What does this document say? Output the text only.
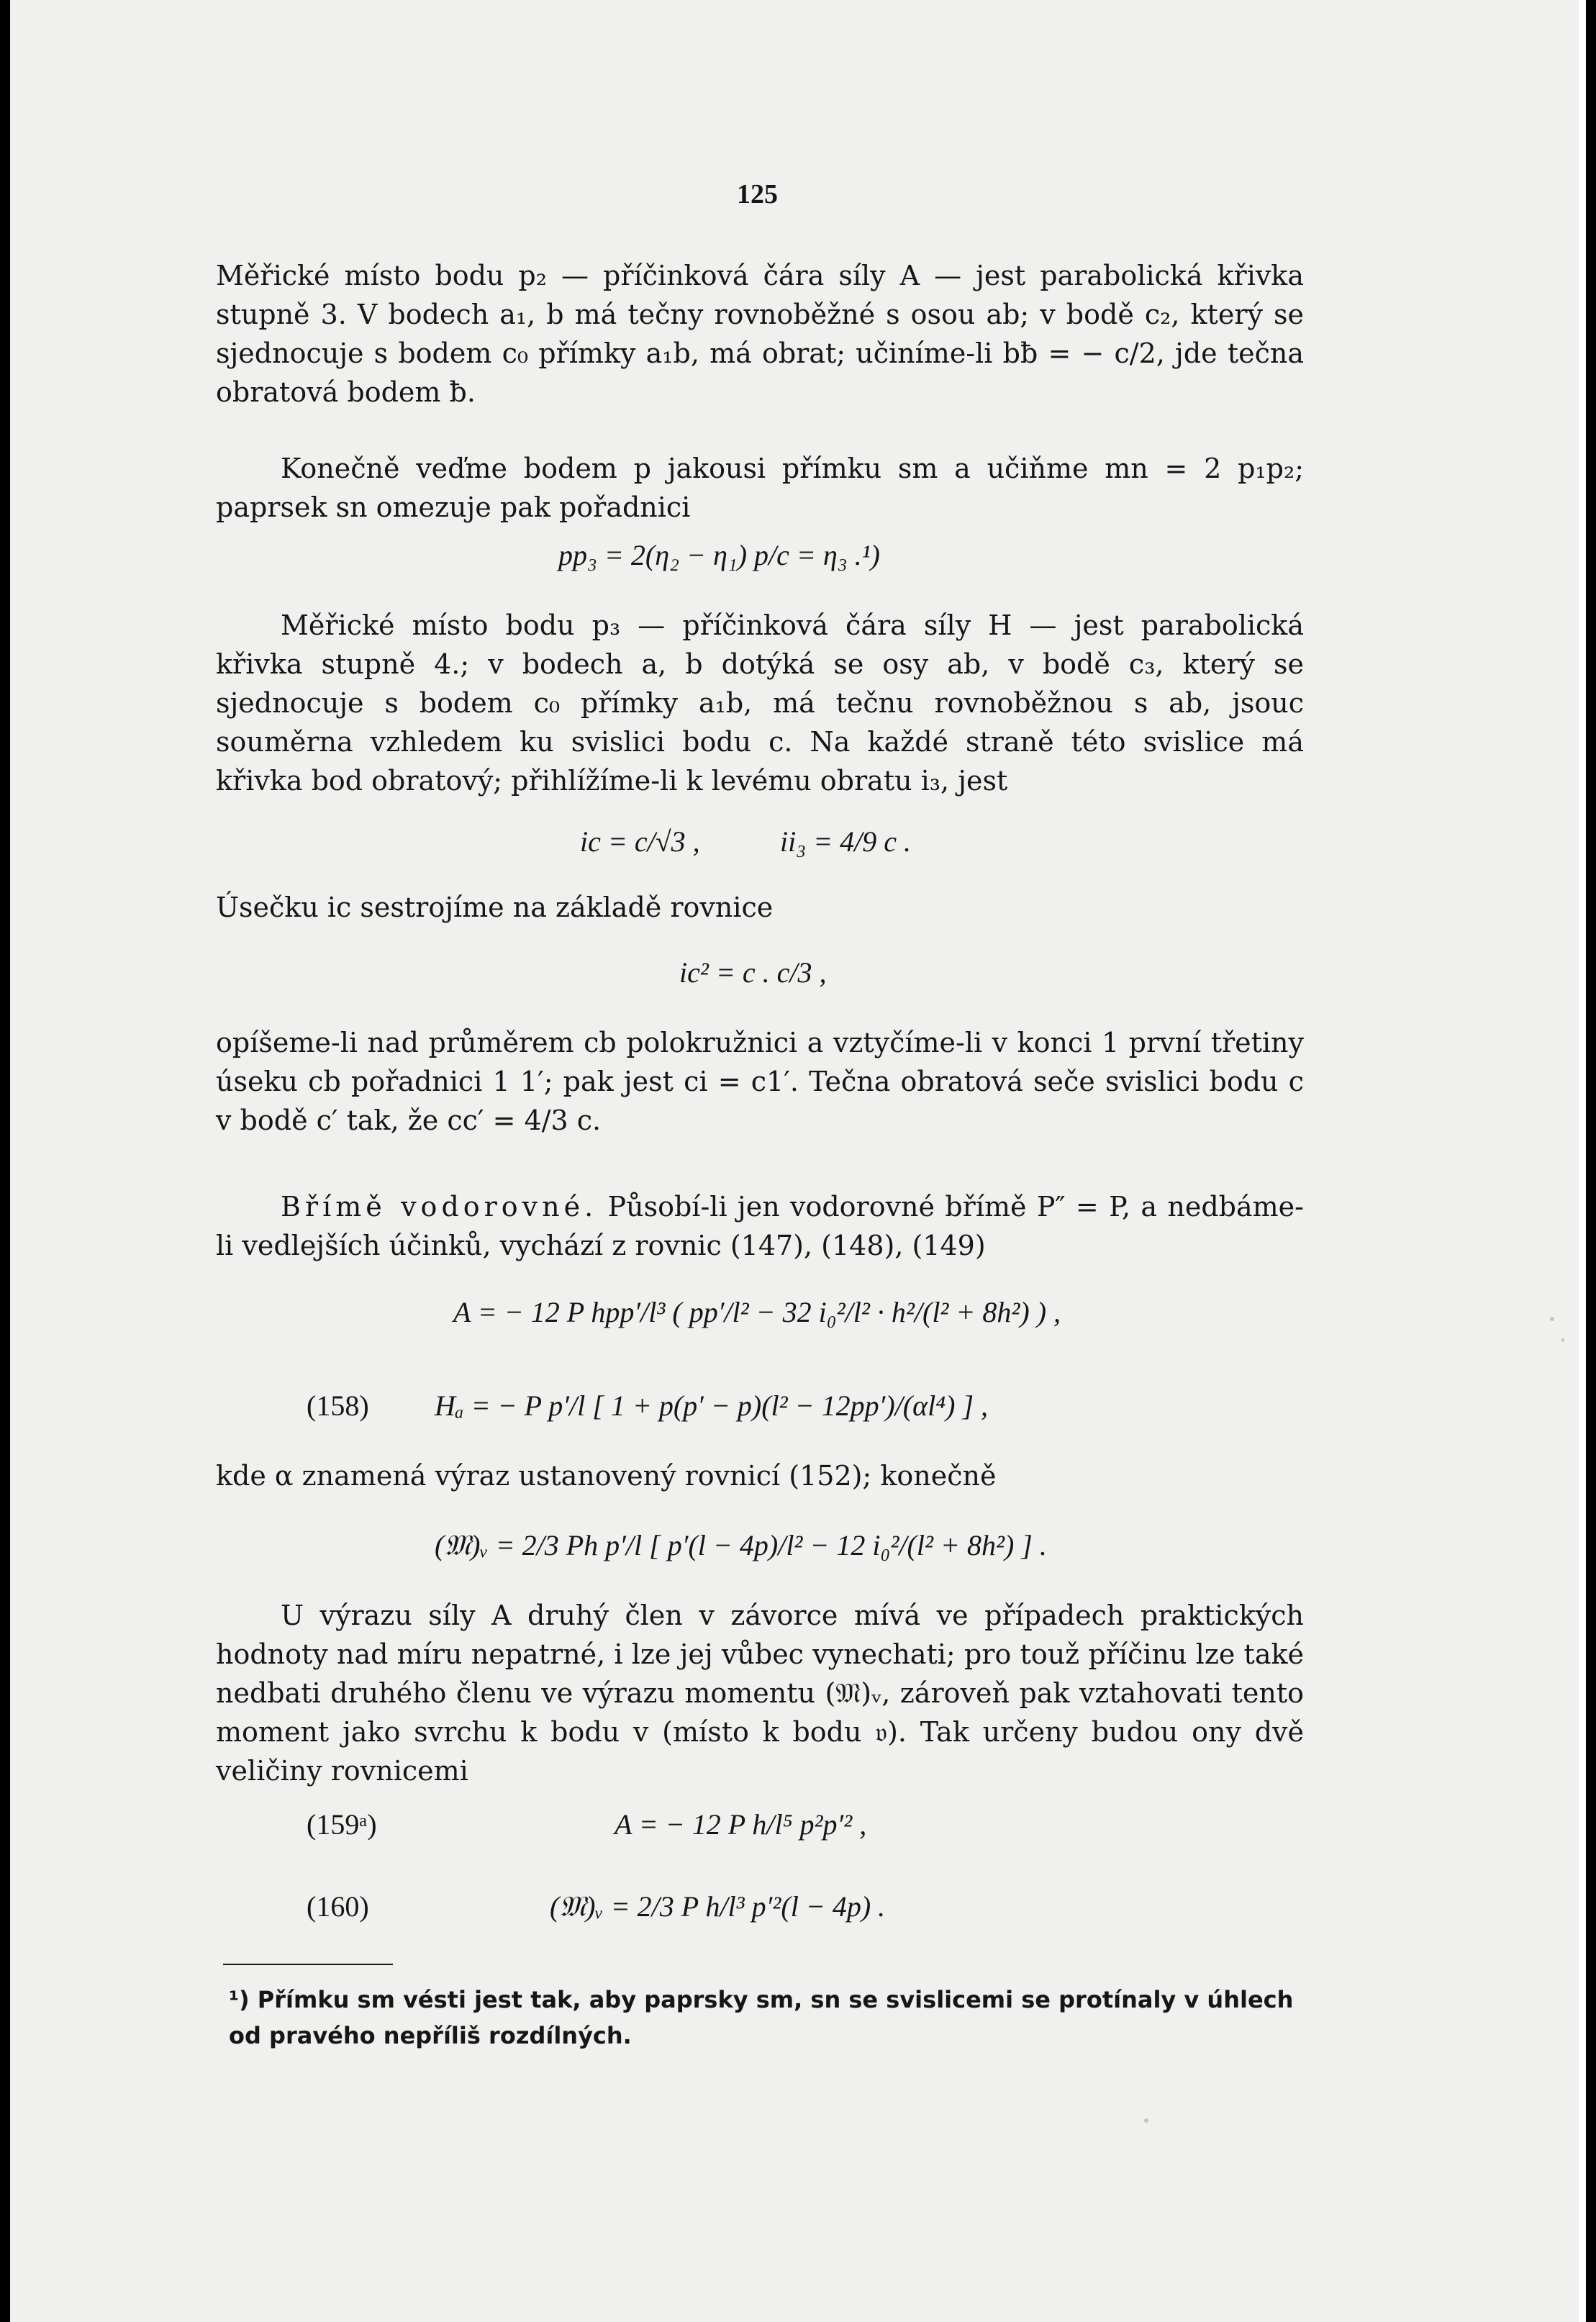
125

Měřické místo bodu p₂ — příčinková čára síly A — jest parabolická křivka stupně 3. V bodech a₁, b má tečny rovnoběžné s osou ab; v bodě c₂, který se sjednocuje s bodem c₀ přímky a₁b, má obrat; učiníme-li bƀ = − c/2, jde tečna obratová bodem ƀ.

Konečně veďme bodem p jakousi přímku sm a učiňme mn = 2 p₁p₂; paprsek sn omezuje pak pořadnici

pp₃ = 2(η₂ − η₁) p/c = η₃ .¹)

Měřické místo bodu p₃ — příčinková čára síly H — jest parabolická křivka stupně 4.; v bodech a, b dotýká se osy ab, v bodě c₃, který se sjednocuje s bodem c₀ přímky a₁b, má tečnu rovnoběžnou s ab, jsouc souměrna vzhledem ku svislici bodu c. Na každé straně této svislice má křivka bod obratový; přihlížíme-li k levému obratu i₃, jest

ic = c/√3 ,	ii₃ = 4/9 c .

Úsečku ic sestrojíme na základě rovnice

ic² = c . c/3 ,

opíšeme-li nad průměrem cb polokružnici a vztyčíme-li v konci 1 první třetiny úseku cb pořadnici 1 1′; pak jest ci = c1′. Tečna obratová seče svislici bodu c v bodě c′ tak, že cc′ = 4/3 c.

Břímě vodorovné. Působí-li jen vodorovné břímě P″ = P, a nedbáme-li vedlejších účinků, vychází z rovnic (147), (148), (149)

A = − 12 P hpp′/l³ ( pp′/l² − 32 i₀²/l² · h²/(l² + 8h²) ) ,
(158) Hₐ = − P p′/l [ 1 + p(p′ − p)(l² − 12pp′)/(αl⁴) ] ,

kde α znamená výraz ustanovený rovnicí (152); konečně

(𝔐)ᵥ = 2/3 Ph p′/l [ p′(l − 4p)/l² − 12 i₀²/(l² + 8h²) ] .

U výrazu síly A druhý člen v závorce mívá ve případech praktických hodnoty nad míru nepatrné, i lze jej vůbec vynechati; pro touž příčinu lze také nedbati druhého členu ve výrazu momentu (𝔐)ᵥ, zároveň pak vztahovati tento moment jako svrchu k bodu v (místo k bodu 𝔳). Tak určeny budou ony dvě veličiny rovnicemi

(159ᵃ)	A = − 12 P h/l⁵ p²p′² ,
(160)	(𝔐)ᵥ = 2/3 P h/l³ p′²(l − 4p) .

¹) Přímku sm vésti jest tak, aby paprsky sm, sn se svislicemi se protínaly v úhlech od pravého nepříliš rozdílných.
